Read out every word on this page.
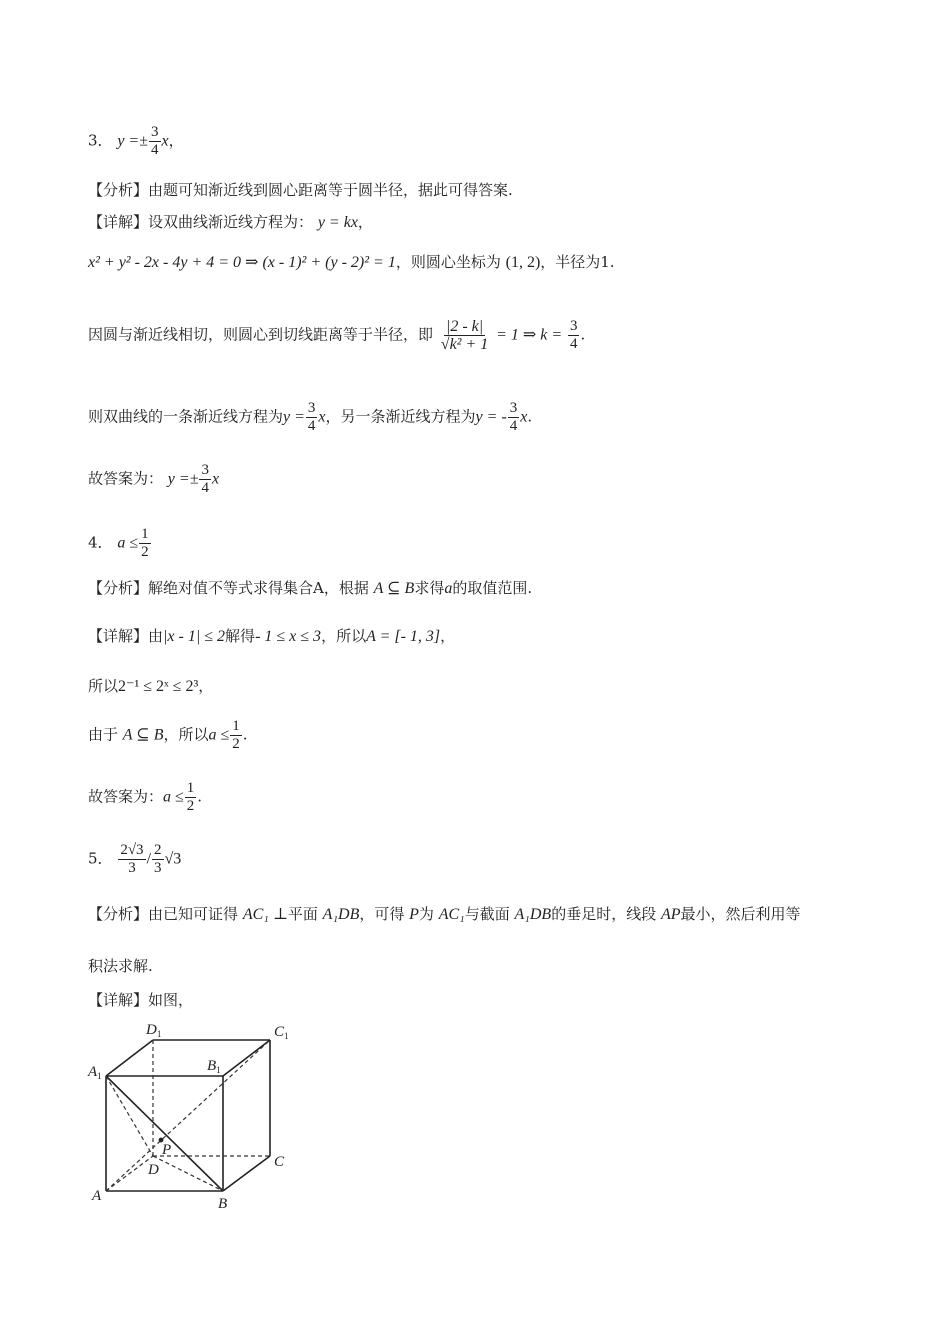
3． $y =\pm \frac{3}{4}$ x，
【分析】由题可知渐近线到圆心距离等于圆半径，据此可得答案.
【详解】设双曲线渐近线方程为： y = kx，
x² + y² - 2x - 4y + 4 = 0 ⇒ (x - 1)² + (y - 2)² = 1，则圆心坐标为 (1, 2)，半径为1.
因圆与渐近线相切，则圆心到切线距离等于半径，即 $\frac{|2 - k|}{\text{√k² + 1}} = 1$ ⇒ $k = \frac{3}{4}$ .
则双曲线的一条渐近线方程为$y = \frac{3}{4}$ x，另一条渐近线方程为y = - $\frac{3}{4} x$.
故答案为： $y =\pm \frac{3}{4}$ x
4． $a \le \frac{1}{2}$
【分析】解绝对值不等式求得集合A，根据 A ⊆ B求得a的取值范围.
【详解】由|x - 1| ≤ 2解得- 1 ≤ x ≤ 3，所以A = [- 1, 3]，
所以2⁻¹ ≤ 2ˣ ≤ 2³，
由于 A ⊆ B，所以$a \le \frac{1}{2}$ .
故答案为：$a \le \frac{1}{2}$ .
5． $\frac{2√3}{3} / \frac{2}{3} √3$
【分析】由已知可证得 AC₁ ⊥平面 A₁DB，可得 P为 AC₁与截面 A₁DB的垂足时，线段 AP最小，然后利用等
积法求解.
【详解】如图，
$D_1$	$C_1$
$B_1$
$A_1$
P
D	C
A	B
